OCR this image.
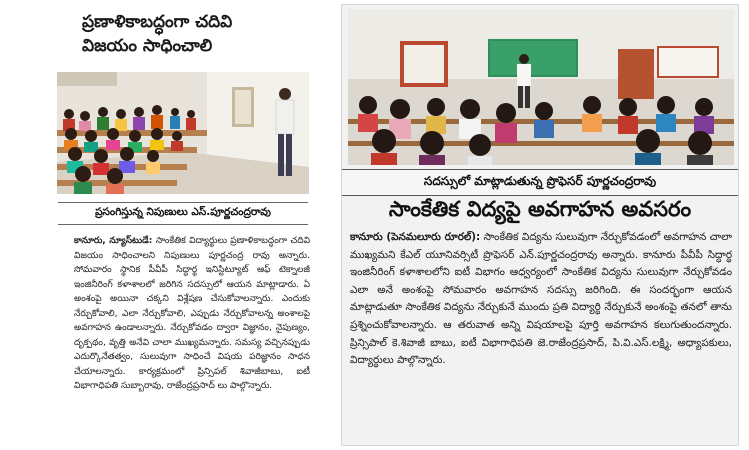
ప్రణాళికాబద్ధంగా చదివి
విజయం సాధించాలి
ప్రసంగిస్తున్న నిపుణులు ఎస్.పూర్ణచంద్రరావు
కానూరు, న్యూస్‌టుడే: సాంకేతిక విద్యార్థులు ప్రణాళికాబద్ధంగా చదివి విజయం సాధించాలని నిపుణులు పూర్ణచంద్ర రావు అన్నారు. సోమవారం స్థానిక పీవీపీ సిద్ధార్థ ఇనిస్టిట్యూట్ ఆఫ్ టెక్నాలజీ ఇంజినీరింగ్ కళాశాలలో జరిగిన సదస్సులో ఆయన మాట్లాడారు. ఏ అంశంపై అయినా చక్కని విశ్లేషణ చేసుకోవాలన్నారు. ఎందుకు నేర్చుకోవాలి, ఎలా నేర్చుకోవాలి, ఎప్పుడు నేర్చుకోవాలన్న అంశాలపై అవగాహన ఉండాలన్నారు. నేర్చుకోవడం ద్వారా విజ్ఞానం, నైపుణ్యం, దృక్పథం, వృత్తి అనేవి చాలా ముఖ్యమన్నారు. సమస్య వచ్చినప్పుడు ఎదుర్కొనేతత్వం, సులువుగా సాధించే విషయ పరిజ్ఞానం సాధన చేయాలన్నారు. కార్యక్రమంలో ప్రిన్సిపల్ శివాజీబాబు, ఐటీ విభాగాధిపతి సుబ్బారావు, రాజేంద్రప్రసాద్ లు పాల్గొన్నారు.
సదస్సులో మాట్లాడుతున్న ప్రొఫెసర్ పూర్ణచంద్రరావు
సాంకేతిక విద్యపై అవగాహన అవసరం
కానూరు (పెనమలూరు రూరల్): సాంకేతిక విద్యను సులువుగా నేర్చుకోవడంలో అవగాహన చాలా ముఖ్యమని కేఎల్ యూనివర్సిటీ ప్రొఫెసర్ ఎన్.పూర్ణచంద్రరావు అన్నారు. కానూరు పీవీపీ సిద్ధార్థ ఇంజినీరింగ్ కళాశాలలోని ఐటీ విభాగం ఆధ్వర్యంలో సాంకేతిక విద్యను సులువుగా నేర్చుకోవడం ఎలా అనే అంశంపై సోమవారం అవగాహన సదస్సు జరిగింది. ఈ సందర్భంగా ఆయన మాట్లాడుతూ సాంకేతిక విద్యను నేర్చుకునే ముందు ప్రతి విద్యార్థి నేర్చుకునే అంశంపై తనలో తాను ప్రశ్నించుకోవాలన్నారు. ఆ తరువాత అన్ని విషయాలపై పూర్తి అవగాహన కలుగుతుందన్నారు. ప్రిన్సిపాల్ కె.శివాజీ బాబు, ఐటీ విభాగాధిపతి జె.రాజేంద్రప్రసాద్, పి.వి.ఎస్.లక్ష్మి, అధ్యాపకులు, విద్యార్థులు పాల్గొన్నారు.
